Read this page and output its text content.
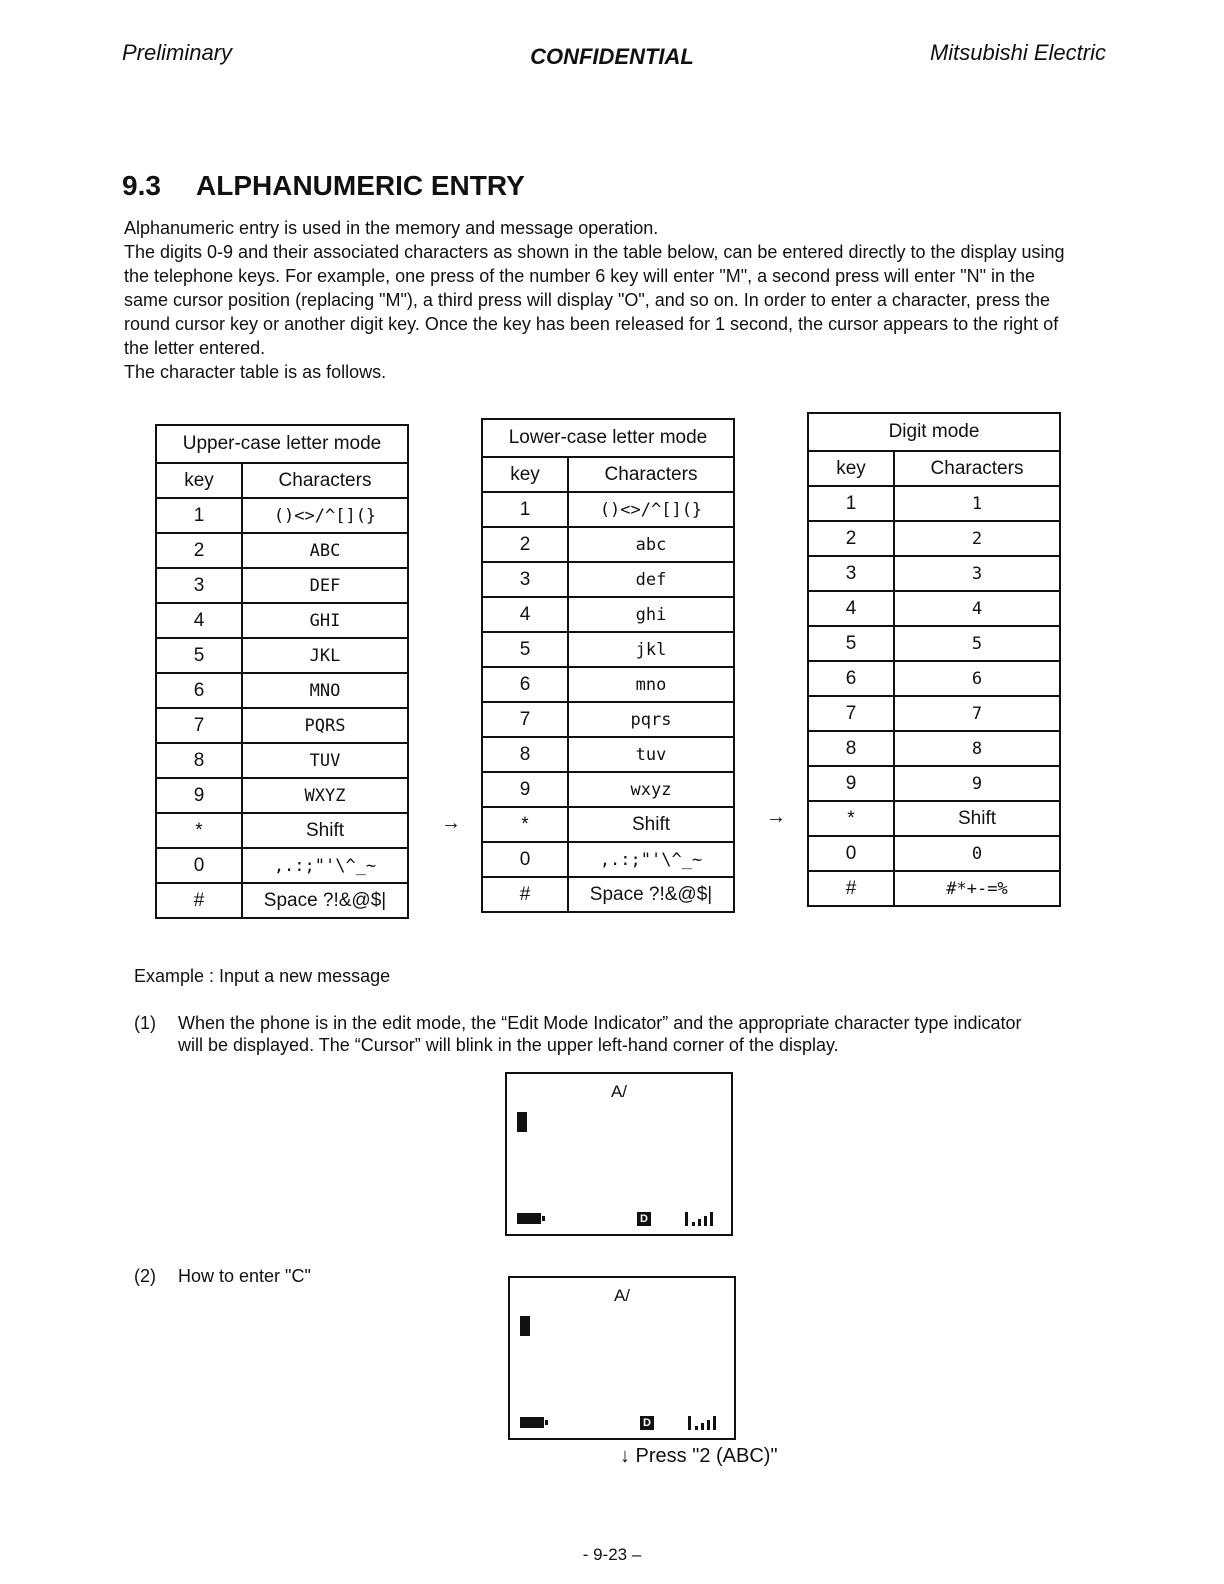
Preliminary	CONFIDENTIAL	Mitsubishi Electric
9.3 ALPHANUMERIC ENTRY

Alphanumeric entry is used in the memory and message operation.

The digits 0-9 and their associated characters as shown in the table below, can be entered directly to the display using the telephone keys. For example, one press of the number 6 key will enter "M", a second press will enter "N" in the same cursor position (replacing "M"), a third press will display "O", and so on. In order to enter a character, press the round cursor key or another digit key. Once the key has been released for 1 second, the cursor appears to the right of the letter entered.

The character table is as follows.

Upper-case letter mode	
key	Characters
1	()<>/^[](}
2	ABC
3	DEF
4	GHI
5	JKL
6	MNO
7	PQRS
8	TUV
9	WXYZ
*	Shift
0	,.:;"'\^_~
#	Space ?!&@$|
Lower-case letter mode	
key	Characters
1	()<>/^[](}
2	abc
3	def
4	ghi
5	jkl
6	mno
7	pqrs
8	tuv
9	wxyz
*	Shift
0	,.:;"'\^_~
#	Space ?!&@$|
Digit mode	
key	Characters
1	1
2	2
3	3
4	4
5	5
6	6
7	7
8	8
9	9
*	Shift
0	0
#	#*+-=%
→	→
Example : Input a new message
(1) When the phone is in the edit mode, the “Edit Mode Indicator” and the appropriate character type indicator will be displayed. The “Cursor” will blink in the upper left-hand corner of the display.
A/
D
(2) How to enter "C"
A/
D
↓ Press "2 (ABC)"
- 9-23 –
